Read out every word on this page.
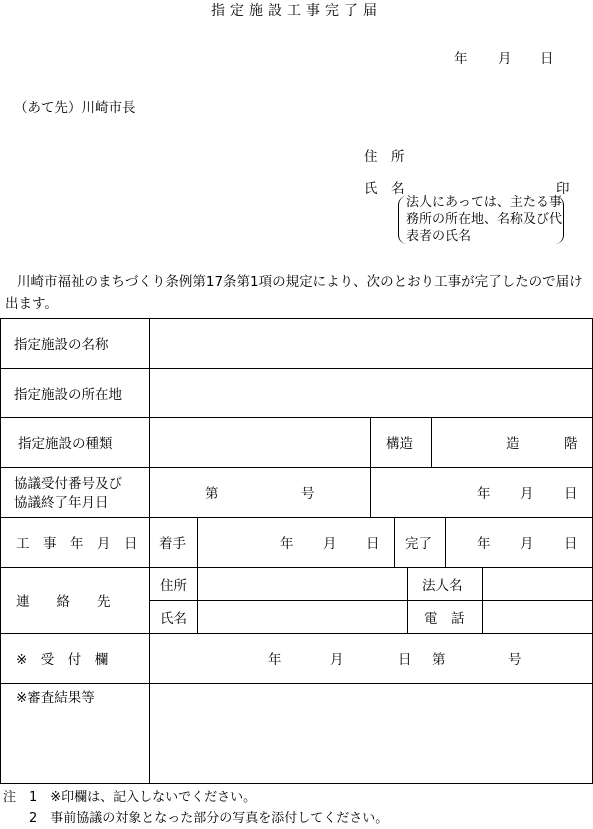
指定施設工事完了届
年 月 日
（あて先）川崎市長
住　所
氏　名	印
法人にあっては、主たる事務所の所在地、名称及び代表者の氏名
川崎市福祉のまちづくり条例第17条第1項の規定により、次のとおり工事が完了したので届け出ます。
指定施設の名称
指定施設の所在地
指定施設の種類	構造	造	階
協議受付番号及び
協議終了年月日
第	号	年 月 日
工　事　年　月　日 着手	年 月 日 完了	年 月 日
連　　絡　　先
住所	法人名
氏名	電　話
※　受　付　欄	年	月	日 第	号
※審査結果等
注　1　※印欄は、記入しないでください。
　　2　事前協議の対象となった部分の写真を添付してください。
